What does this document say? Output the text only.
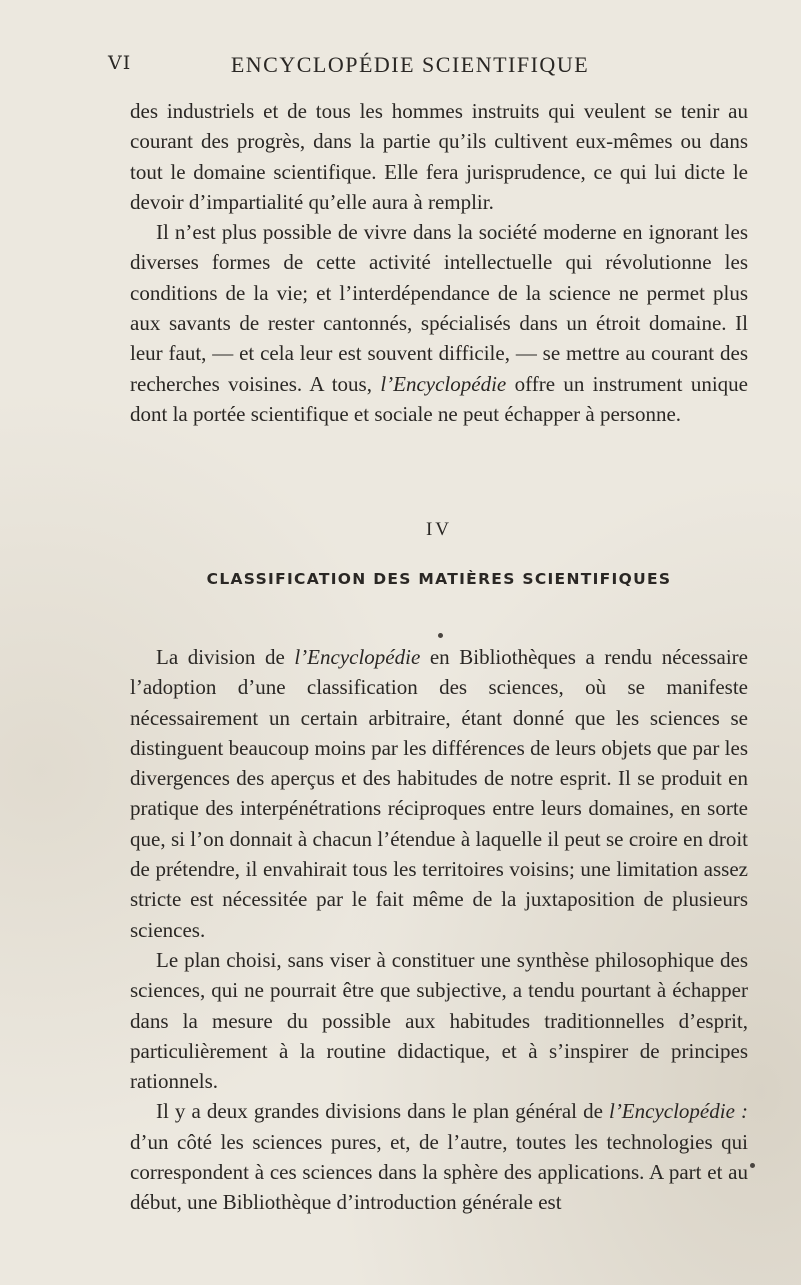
VI	ENCYCLOPÉDIE SCIENTIFIQUE

des industriels et de tous les hommes instruits qui veulent se tenir au courant des progrès, dans la partie qu’ils cultivent eux-mêmes ou dans tout le domaine scientifique. Elle fera jurisprudence, ce qui lui dicte le devoir d’impartialité qu’elle aura à remplir.

Il n’est plus possible de vivre dans la société moderne en ignorant les diverses formes de cette activité intellectuelle qui révolutionne les conditions de la vie; et l’interdépendance de la science ne permet plus aux savants de rester cantonnés, spécialisés dans un étroit domaine. Il leur faut, — et cela leur est souvent difficile, — se mettre au courant des recherches voisines. A tous, l’Encyclopédie offre un instrument unique dont la portée scientifique et sociale ne peut échapper à personne.

IV
CLASSIFICATION DES MATIÈRES SCIENTIFIQUES

La division de l’Encyclopédie en Bibliothèques a rendu nécessaire l’adoption d’une classification des sciences, où se manifeste nécessairement un certain arbitraire, étant donné que les sciences se distinguent beaucoup moins par les différences de leurs objets que par les divergences des aperçus et des habitudes de notre esprit. Il se produit en pratique des interpénétrations réciproques entre leurs domaines, en sorte que, si l’on donnait à chacun l’étendue à laquelle il peut se croire en droit de prétendre, il envahirait tous les territoires voisins; une limitation assez stricte est nécessitée par le fait même de la juxtaposition de plusieurs sciences.

Le plan choisi, sans viser à constituer une synthèse philosophique des sciences, qui ne pourrait être que subjective, a tendu pourtant à échapper dans la mesure du possible aux habitudes traditionnelles d’esprit, particulièrement à la routine didactique, et à s’inspirer de principes rationnels.

Il y a deux grandes divisions dans le plan général de l’Encyclopédie : d’un côté les sciences pures, et, de l’autre, toutes les technologies qui correspondent à ces sciences dans la sphère des applications. A part et au début, une Bibliothèque d’introduction générale est
